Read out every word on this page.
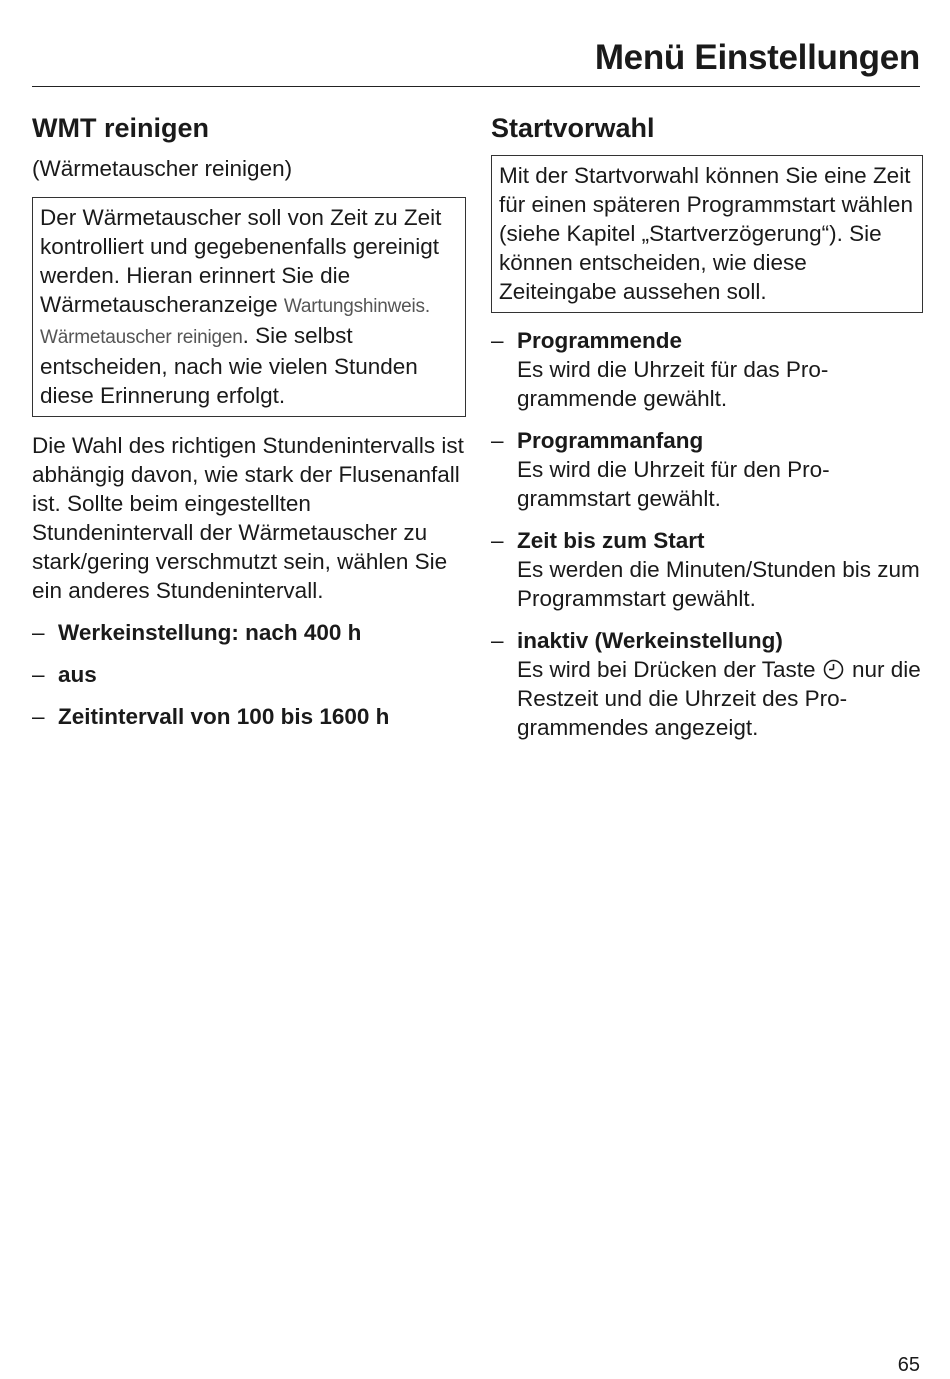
Menü Einstellungen
WMT reinigen
(Wärmetauscher reinigen)
Der Wärmetauscher soll von Zeit zu Zeit kontrolliert und gegebenenfalls gereinigt werden. Hieran erinnert Sie die Wärmetauscheranzeige Wartungshinweis. Wärmetauscher reinigen. Sie selbst entscheiden, nach wie vielen Stunden diese Erinnerung erfolgt.
Die Wahl des richtigen Stundenintervalls ist abhängig davon, wie stark der Flusenanfall ist. Sollte beim eingestellten Stundenintervall der Wärmetauscher zu stark/gering verschmutzt sein, wählen Sie ein anderes Stundenintervall.
– Werkeinstellung: nach 400 h
– aus
– Zeitintervall von 100 bis 1600 h
Startvorwahl
Mit der Startvorwahl können Sie eine Zeit für einen späteren Programmstart wählen (siehe Kapitel „Startverzögerung“). Sie können entscheiden, wie diese Zeiteingabe aussehen soll.
– Programmende
Es wird die Uhrzeit für das Programmende gewählt.
– Programmanfang
Es wird die Uhrzeit für den Programmstart gewählt.
– Zeit bis zum Start
Es werden die Minuten/Stunden bis zum Programmstart gewählt.
– inaktiv (Werkeinstellung)
Es wird bei Drücken der Taste  nur die Restzeit und die Uhrzeit des Programmendes angezeigt.
65
